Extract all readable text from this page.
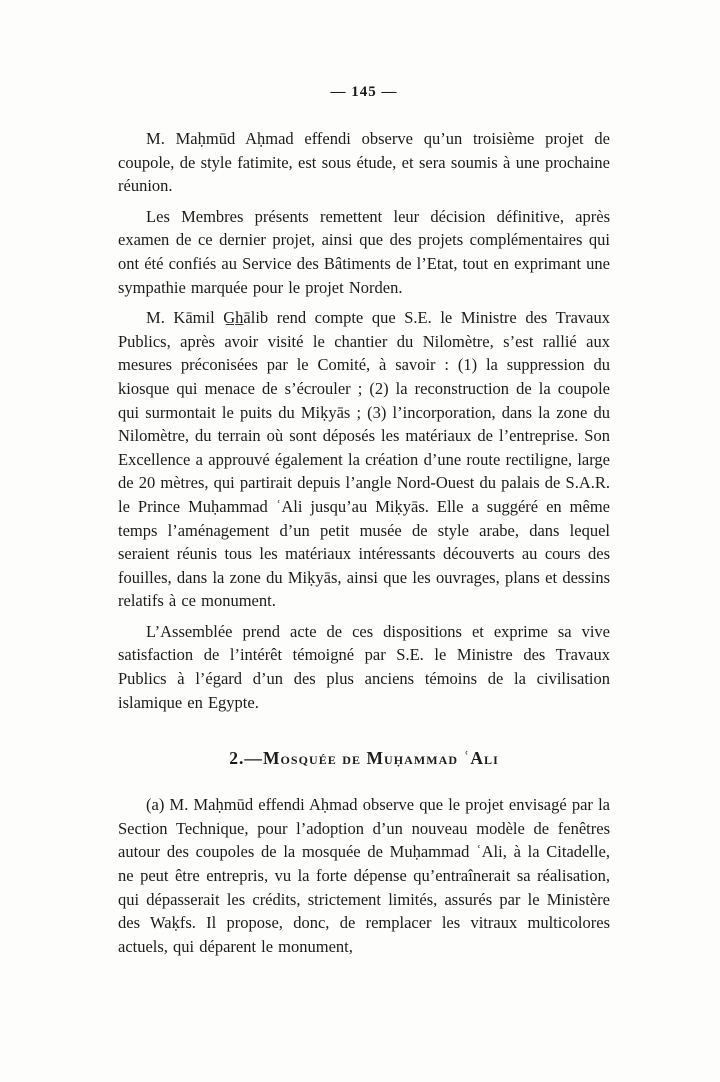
— 145 —

M. Maḥmūd Aḥmad effendi observe qu’un troisième projet de coupole, de style fatimite, est sous étude, et sera soumis à une prochaine réunion.

Les Membres présents remettent leur décision définitive, après examen de ce dernier projet, ainsi que des projets complémentaires qui ont été confiés au Service des Bâtiments de l’Etat, tout en exprimant une sympathie marquée pour le projet Norden.

M. Kāmil G̲h̲ālib rend compte que S.E. le Ministre des Travaux Publics, après avoir visité le chantier du Nilomètre, s’est rallié aux mesures préconisées par le Comité, à savoir : (1) la suppression du kiosque qui menace de s’écrouler ; (2) la reconstruction de la coupole qui surmontait le puits du Miḳyās ; (3) l’incorporation, dans la zone du Nilomètre, du terrain où sont déposés les matériaux de l’entreprise. Son Excellence a approuvé également la création d’une route rectiligne, large de 20 mètres, qui partirait depuis l’angle Nord-Ouest du palais de S.A.R. le Prince Muḥammad ʿAli jusqu’au Miḳyās. Elle a suggéré en même temps l’aménagement d’un petit musée de style arabe, dans lequel seraient réunis tous les matériaux intéressants découverts au cours des fouilles, dans la zone du Miḳyās, ainsi que les ouvrages, plans et dessins relatifs à ce monument.

L’Assemblée prend acte de ces dispositions et exprime sa vive satisfaction de l’intérêt témoigné par S.E. le Ministre des Travaux Publics à l’égard d’un des plus anciens témoins de la civilisation islamique en Egypte.

2.—Mosquée de Muḥammad ʿAli

(a) M. Maḥmūd effendi Aḥmad observe que le projet envisagé par la Section Technique, pour l’adoption d’un nouveau modèle de fenêtres autour des coupoles de la mosquée de Muḥammad ʿAli, à la Citadelle, ne peut être entrepris, vu la forte dépense qu’entraînerait sa réalisation, qui dépasserait les crédits, strictement limités, assurés par le Ministère des Waḳfs. Il propose, donc, de remplacer les vitraux multicolores actuels, qui déparent le monument,
